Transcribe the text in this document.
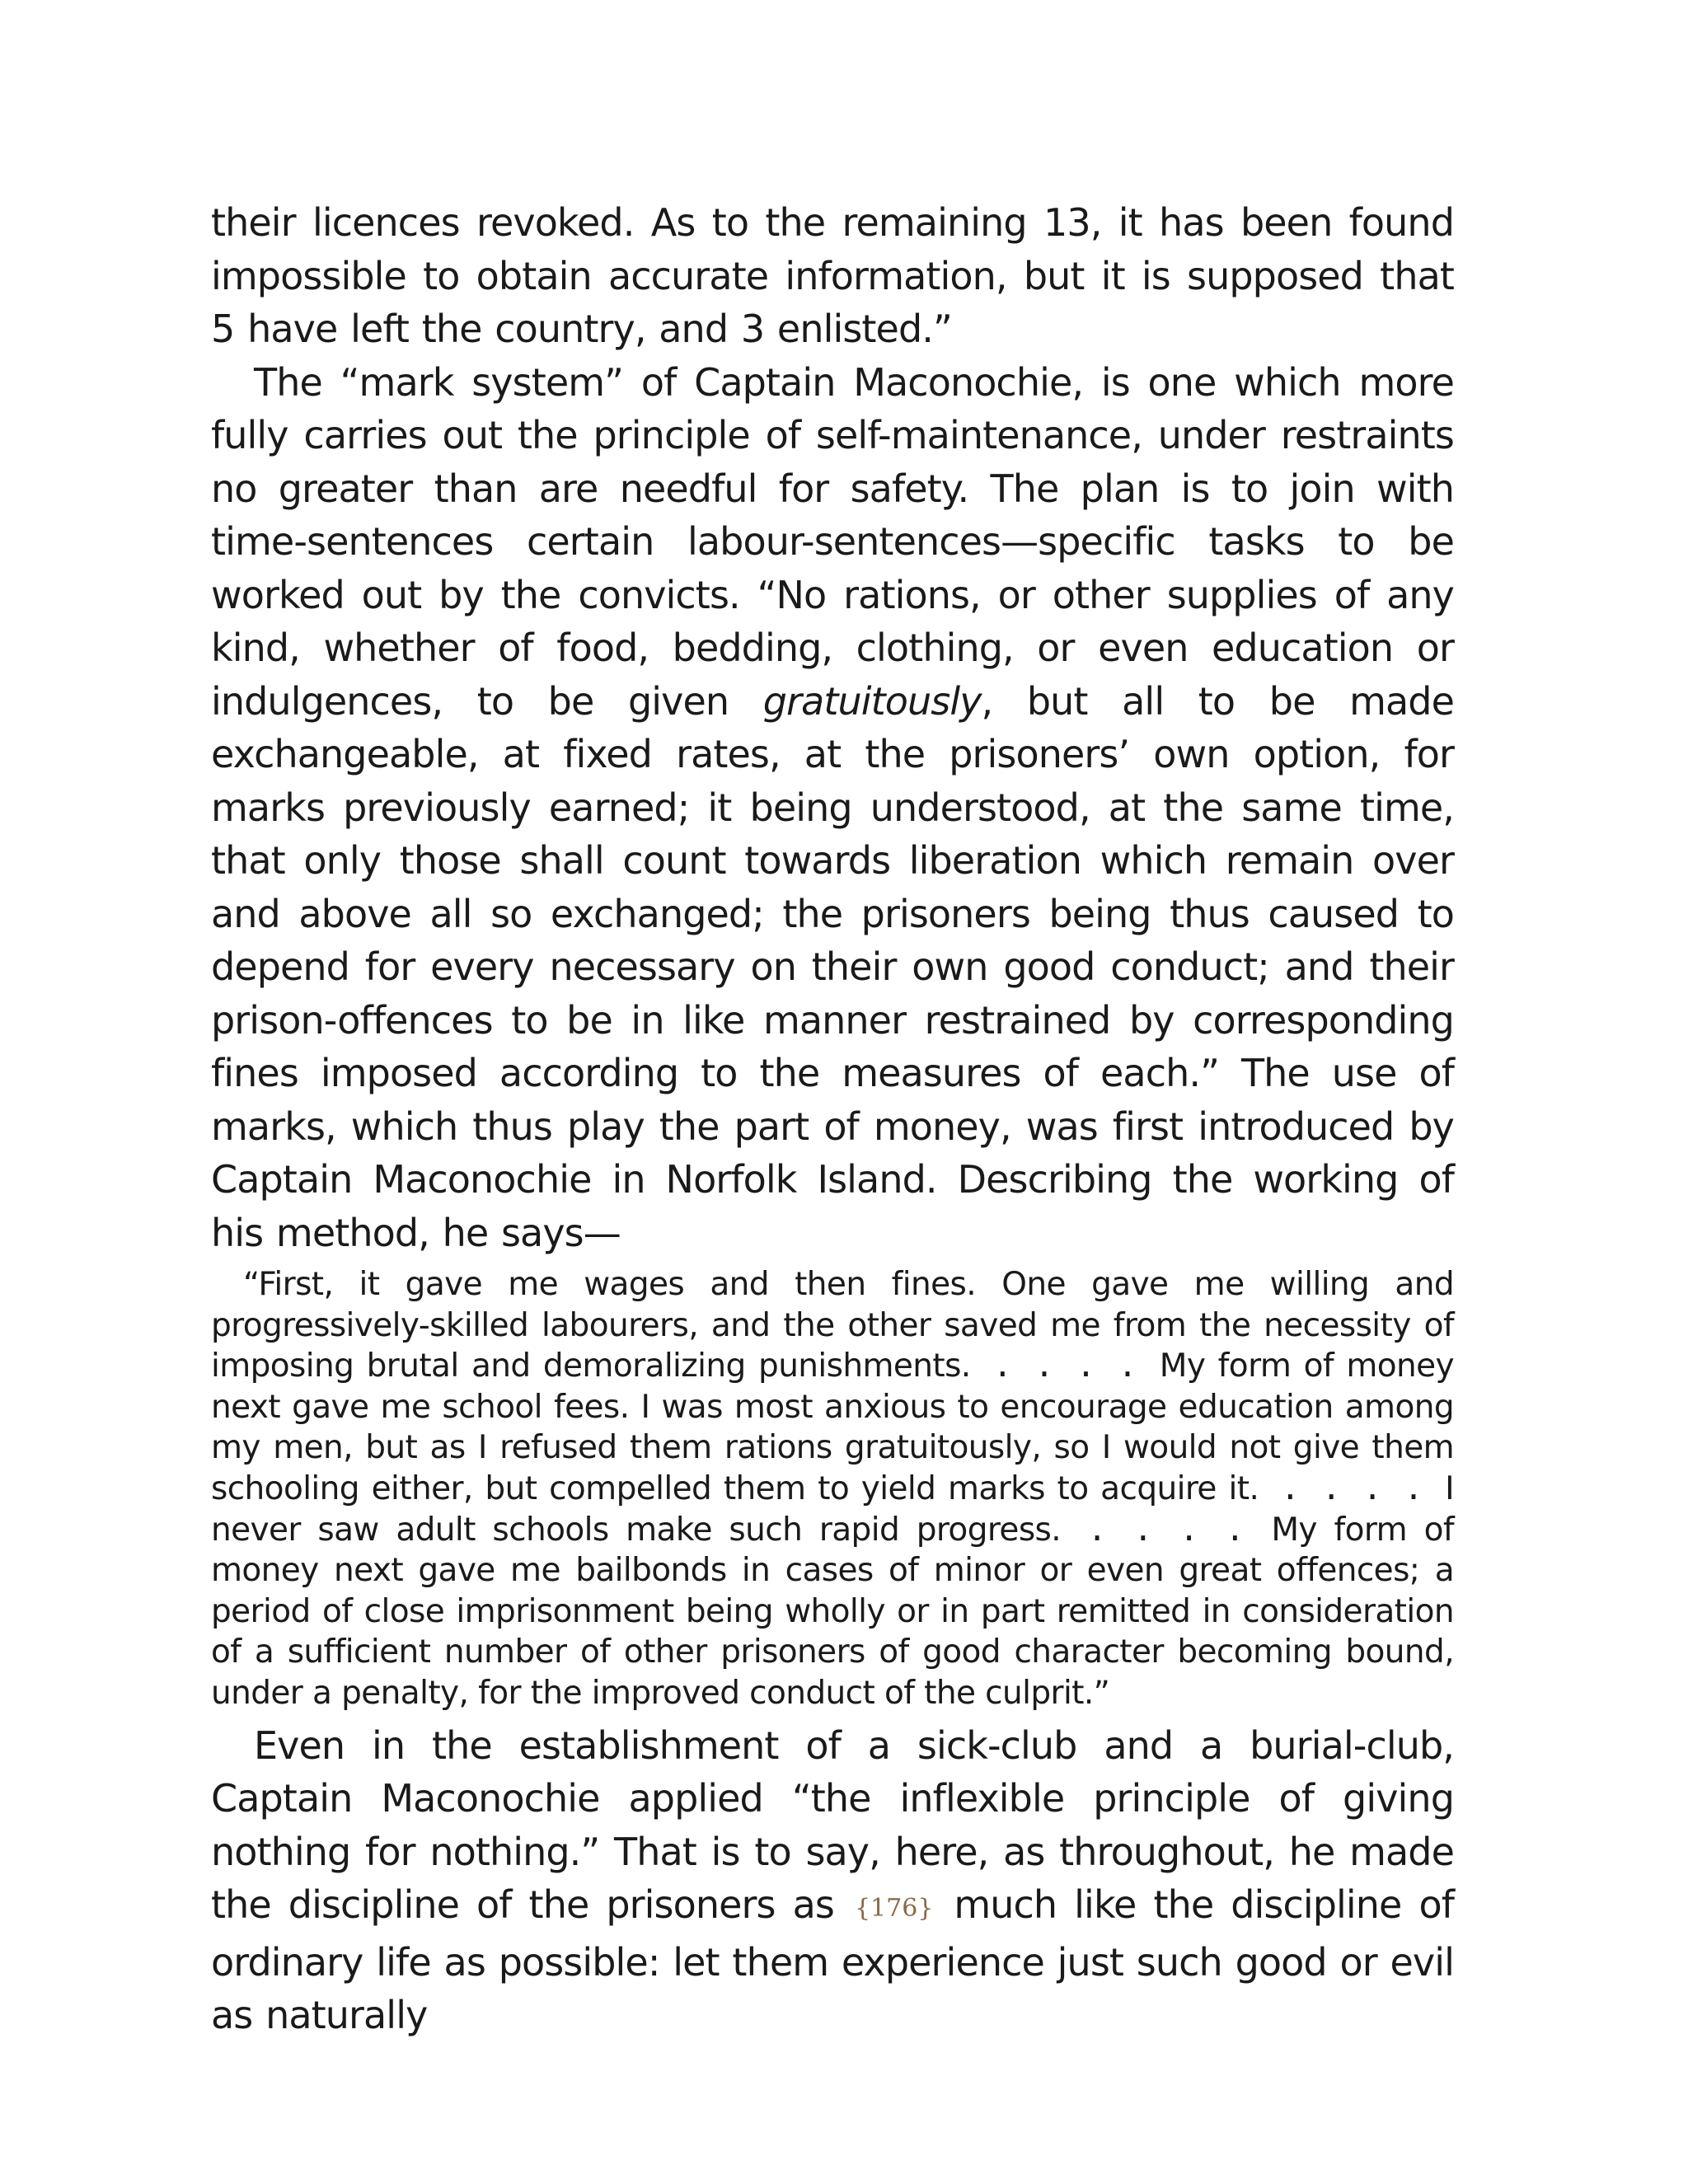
their licences revoked. As to the remaining 13, it has been found impossible to obtain accurate information, but it is supposed that 5 have left the country, and 3 enlisted.”

The “mark system” of Captain Maconochie, is one which more fully carries out the principle of self-maintenance, under restraints no greater than are needful for safety. The plan is to join with time-sentences certain labour-sentences—specific tasks to be worked out by the convicts. “No rations, or other supplies of any kind, whether of food, bedding, clothing, or even education or indulgences, to be given gratuitously, but all to be made exchangeable, at fixed rates, at the prisoners’ own option, for marks previously earned; it being understood, at the same time, that only those shall count towards liberation which remain over and above all so exchanged; the prisoners being thus caused to depend for every necessary on their own good conduct; and their prison-offences to be in like manner restrained by corresponding fines imposed according to the measures of each.” The use of marks, which thus play the part of money, was first introduced by Captain Maconochie in Norfolk Island. Describing the working of his method, he says—

“First, it gave me wages and then fines. One gave me willing and progressively-skilled labourers, and the other saved me from the necessity of imposing brutal and demoralizing punishments. . . . . My form of money next gave me school fees. I was most anxious to encourage education among my men, but as I refused them rations gratuitously, so I would not give them schooling either, but compelled them to yield marks to acquire it. . . . . I never saw adult schools make such rapid progress. . . . . My form of money next gave me bailbonds in cases of minor or even great offences; a period of close imprisonment being wholly or in part remitted in consideration of a sufficient number of other prisoners of good character becoming bound, under a penalty, for the improved conduct of the culprit.”

Even in the establishment of a sick-club and a burial-club, Captain Maconochie applied “the inflexible principle of giving nothing for nothing.” That is to say, here, as throughout, he made the discipline of the prisoners as {176} much like the discipline of ordinary life as possible: let them experience just such good or evil as naturally
